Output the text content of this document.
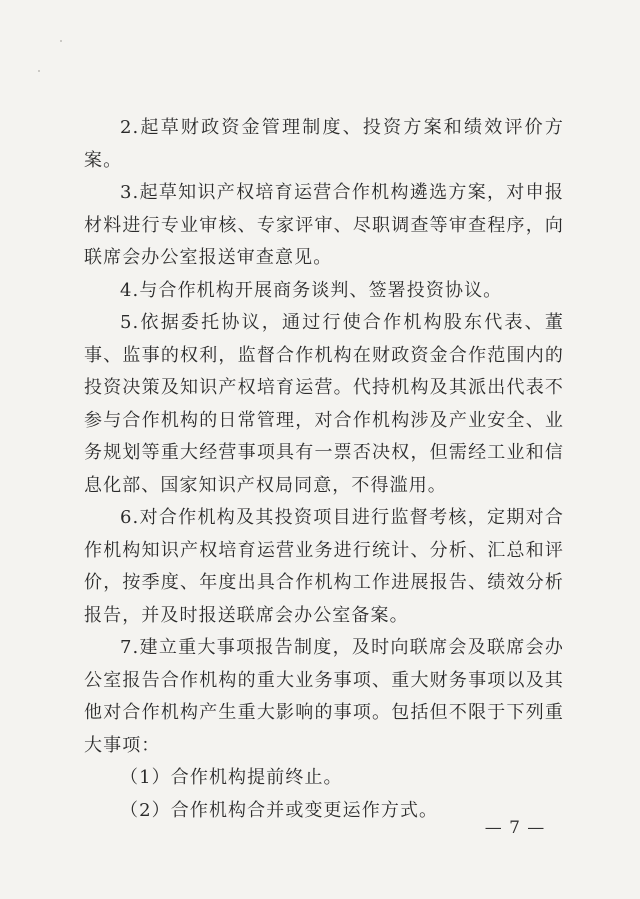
2.起草财政资金管理制度、投资方案和绩效评价方案。

3.起草知识产权培育运营合作机构遴选方案，对申报材料进行专业审核、专家评审、尽职调查等审查程序，向联席会办公室报送审查意见。

4.与合作机构开展商务谈判、签署投资协议。

5.依据委托协议，通过行使合作机构股东代表、董事、监事的权利，监督合作机构在财政资金合作范围内的投资决策及知识产权培育运营。代持机构及其派出代表不参与合作机构的日常管理，对合作机构涉及产业安全、业务规划等重大经营事项具有一票否决权，但需经工业和信息化部、国家知识产权局同意，不得滥用。

6.对合作机构及其投资项目进行监督考核，定期对合作机构知识产权培育运营业务进行统计、分析、汇总和评价，按季度、年度出具合作机构工作进展报告、绩效分析报告，并及时报送联席会办公室备案。

7.建立重大事项报告制度，及时向联席会及联席会办公室报告合作机构的重大业务事项、重大财务事项以及其他对合作机构产生重大影响的事项。包括但不限于下列重大事项：

（1）合作机构提前终止。

（2）合作机构合并或变更运作方式。

— 7 —
